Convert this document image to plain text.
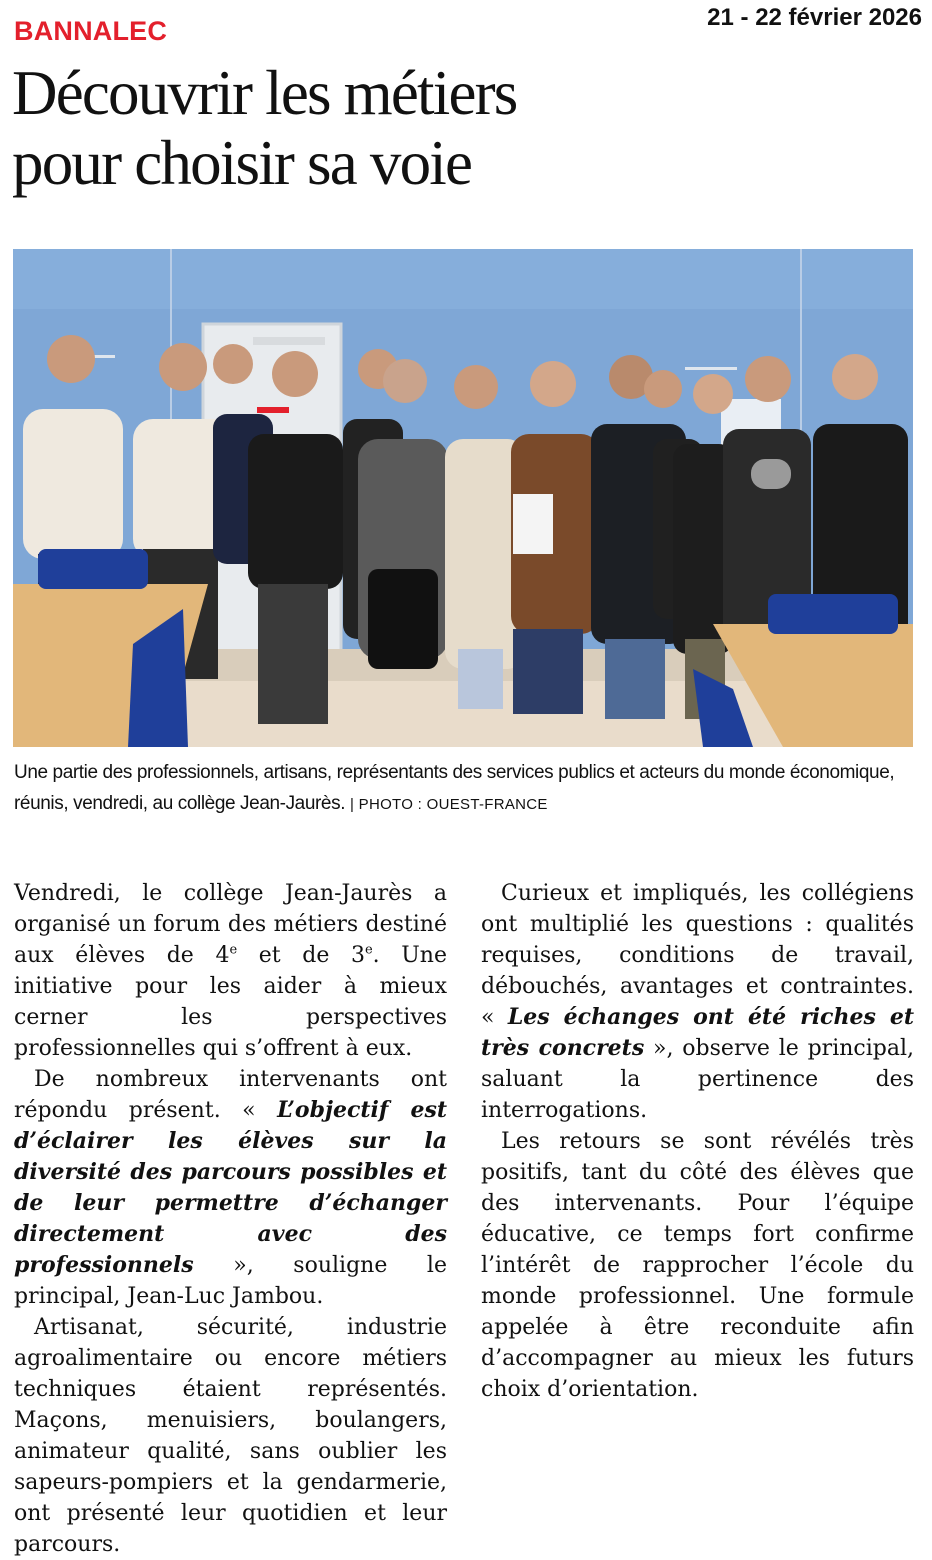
BANNALEC	21 - 22 février 2026
Découvrir les métiers
pour choisir sa voie
Une partie des professionnels, artisans, représentants des services publics et acteurs du monde économique, réunis, vendredi, au collège Jean-Jaurès. | PHOTO : OUEST-FRANCE

Vendredi, le collège Jean-Jaurès a organisé un forum des métiers destiné aux élèves de 4e et de 3e. Une initiative pour les aider à mieux cerner les perspectives professionnelles qui s’offrent à eux.

De nombreux intervenants ont répondu présent. « L’objectif est d’éclairer les élèves sur la diversité des parcours possibles et de leur permettre d’échanger directement avec des professionnels », souligne le principal, Jean-Luc Jambou.

Artisanat, sécurité, industrie agroalimentaire ou encore métiers techniques étaient représentés. Maçons, menuisiers, boulangers, animateur qualité, sans oublier les sapeurs-pompiers et la gendarmerie, ont présenté leur quotidien et leur parcours.

Curieux et impliqués, les collégiens ont multiplié les questions : qualités requises, conditions de travail, débouchés, avantages et contraintes. « Les échanges ont été riches et très concrets », observe le principal, saluant la pertinence des interrogations.

Les retours se sont révélés très positifs, tant du côté des élèves que des intervenants. Pour l’équipe éducative, ce temps fort confirme l’intérêt de rapprocher l’école du monde professionnel. Une formule appelée à être reconduite afin d’accompagner au mieux les futurs choix d’orientation.
